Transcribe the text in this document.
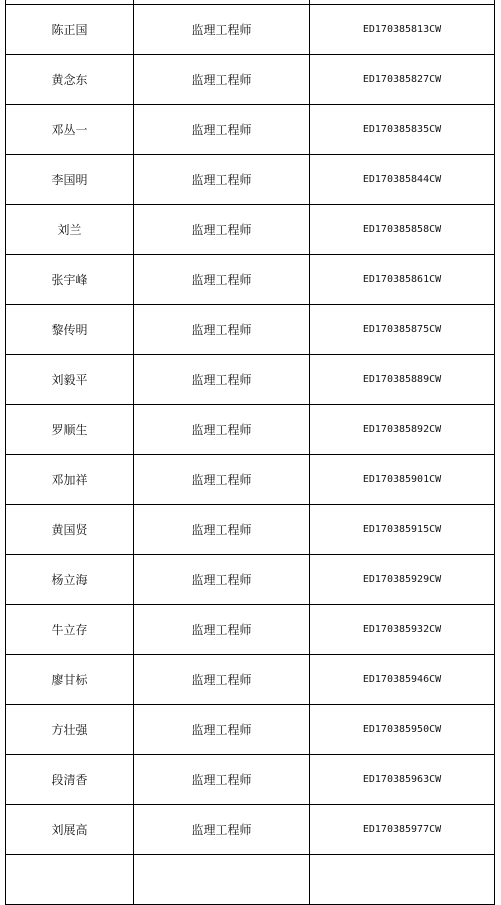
陈正国	监理工程师	ED170385813CW
黄念东	监理工程师	ED170385827CW
邓丛一	监理工程师	ED170385835CW
李国明	监理工程师	ED170385844CW
刘兰	监理工程师	ED170385858CW
张宇峰	监理工程师	ED170385861CW
黎传明	监理工程师	ED170385875CW
刘毅平	监理工程师	ED170385889CW
罗顺生	监理工程师	ED170385892CW
邓加祥	监理工程师	ED170385901CW
黄国贤	监理工程师	ED170385915CW
杨立海	监理工程师	ED170385929CW
牛立存	监理工程师	ED170385932CW
廖甘标	监理工程师	ED170385946CW
方壮强	监理工程师	ED170385950CW
段清香	监理工程师	ED170385963CW
刘展高	监理工程师	ED170385977CW
